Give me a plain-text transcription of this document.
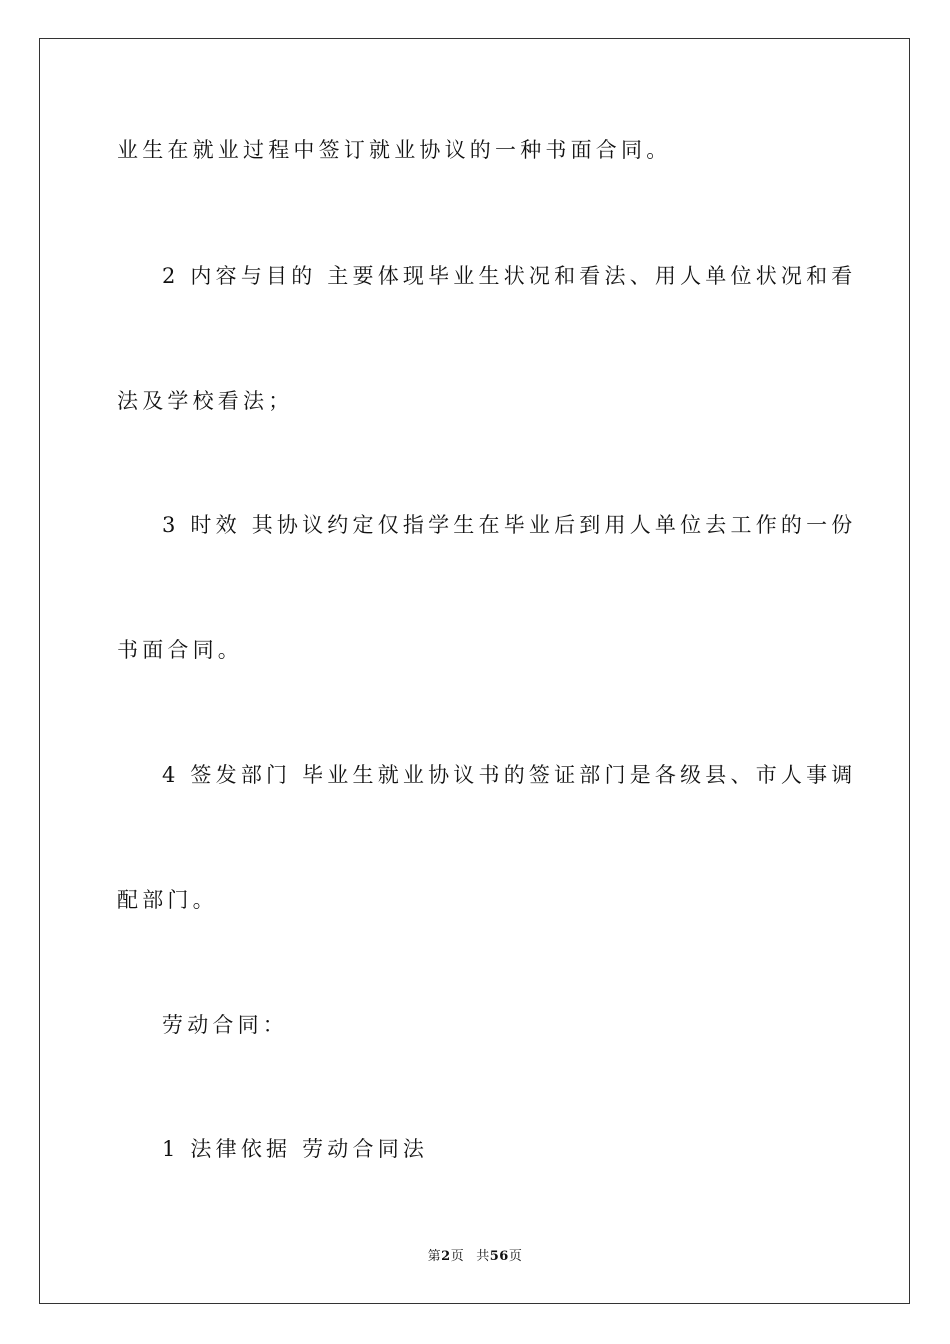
业生在就业过程中签订就业协议的一种书面合同。
2 内容与目的 主要体现毕业生状况和看法、用人单位状况和看
法及学校看法；
3 时效 其协议约定仅指学生在毕业后到用人单位去工作的一份
书面合同。
4 签发部门 毕业生就业协议书的签证部门是各级县、市人事调
配部门。
劳动合同：
1 法律依据 劳动合同法
第2页 共56页
